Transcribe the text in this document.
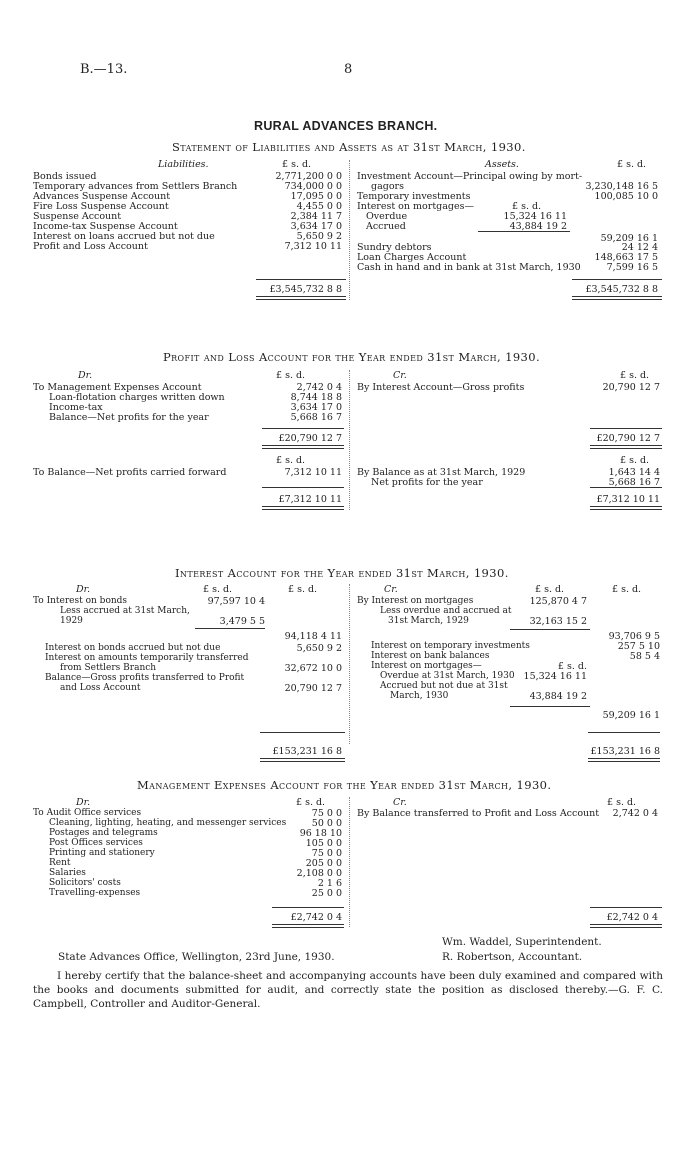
B.—13.	8
RURAL ADVANCES BRANCH.
Statement of Liabilities and Assets as at 31st March, 1930.
Liabilities.	£ s. d.	Assets.	£ s. d.
Bonds issued	2,771,200 0 0
Temporary advances from Settlers Branch	734,000 0 0
Advances Suspense Account	17,095 0 0
Fire Loss Suspense Account	4,455 0 0
Suspense Account	2,384 11 7
Income-tax Suspense Account	3,634 17 0
Interest on loans accrued but not due	5,650 9 2
Profit and Loss Account	7,312 10 11
Investment Account—Principal owing by mort-
gagors	3,230,148 16 5
Temporary investments	100,085 10 0
Interest on mortgages—
Overdue	15,324 16 11
Accrued	43,884 19 2
59,209 16 1
Sundry debtors	24 12 4
Loan Charges Account	148,663 17 5
Cash in hand and in bank at 31st March, 1930	7,599 16 5
£ s. d.
£3,545,732 8 8	£3,545,732 8 8
Profit and Loss Account for the Year ended 31st March, 1930.
Dr.	£ s. d.	Cr.	£ s. d.
To Management Expenses Account	2,742 0 4
Loan-flotation charges written down	8,744 18 8
Income-tax	3,634 17 0
Balance—Net profits for the year	5,668 16 7
By Interest Account—Gross profits	20,790 12 7
£20,790 12 7	£20,790 12 7
£ s. d.	£ s. d.
To Balance—Net profits carried forward	7,312 10 11 By Balance as at 31st March, 1929	1,643 14 4
Net profits for the year	5,668 16 7
£7,312 10 11	£7,312 10 11
Interest Account for the Year ended 31st March, 1930.
Dr.	£ s. d.	£ s. d.	Cr.	£ s. d.	£ s. d.
To Interest on bonds	97,597 10 4
Less accrued at 31st March,
1929	3,479 5 5
94,118 4 11
Interest on bonds accrued but not due	5,650 9 2
Interest on amounts temporarily transferred
from Settlers Branch	32,672 10 0
Balance—Gross profits transferred to Profit
and Loss Account	20,790 12 7
By Interest on mortgages	125,870 4 7
Less overdue and accrued at
31st March, 1929	32,163 15 2
93,706 9 5
Interest on temporary investments	257 5 10
Interest on bank balances	58 5 4
Interest on mortgages—	£ s. d.
Overdue at 31st March, 1930 15,324 16 11
Accrued but not due at 31st
March, 1930	43,884 19 2
59,209 16 1
£153,231 16 8	£153,231 16 8
Management Expenses Account for the Year ended 31st March, 1930.
Dr.	£ s. d.	Cr.	£ s. d.
To Audit Office services	75 0 0
Cleaning, lighting, heating, and messenger services	50 0 0
Postages and telegrams	96 18 10
Post Offices services	105 0 0
Printing and stationery	75 0 0
Rent	205 0 0
Salaries	2,108 0 0
Solicitors' costs	2 1 6
Travelling-expenses	25 0 0
By Balance transferred to Profit and Loss Account	2,742 0 4
£2,742 0 4	£2,742 0 4
Wm. Waddel, Superintendent.
State Advances Office, Wellington, 23rd June, 1930.	R. Robertson, Accountant.
I hereby certify that the balance-sheet and accompanying accounts have been duly examined and compared with the books and documents submitted for audit, and correctly state the position as disclosed thereby.—G. F. C. Campbell, Controller and Auditor-General.
